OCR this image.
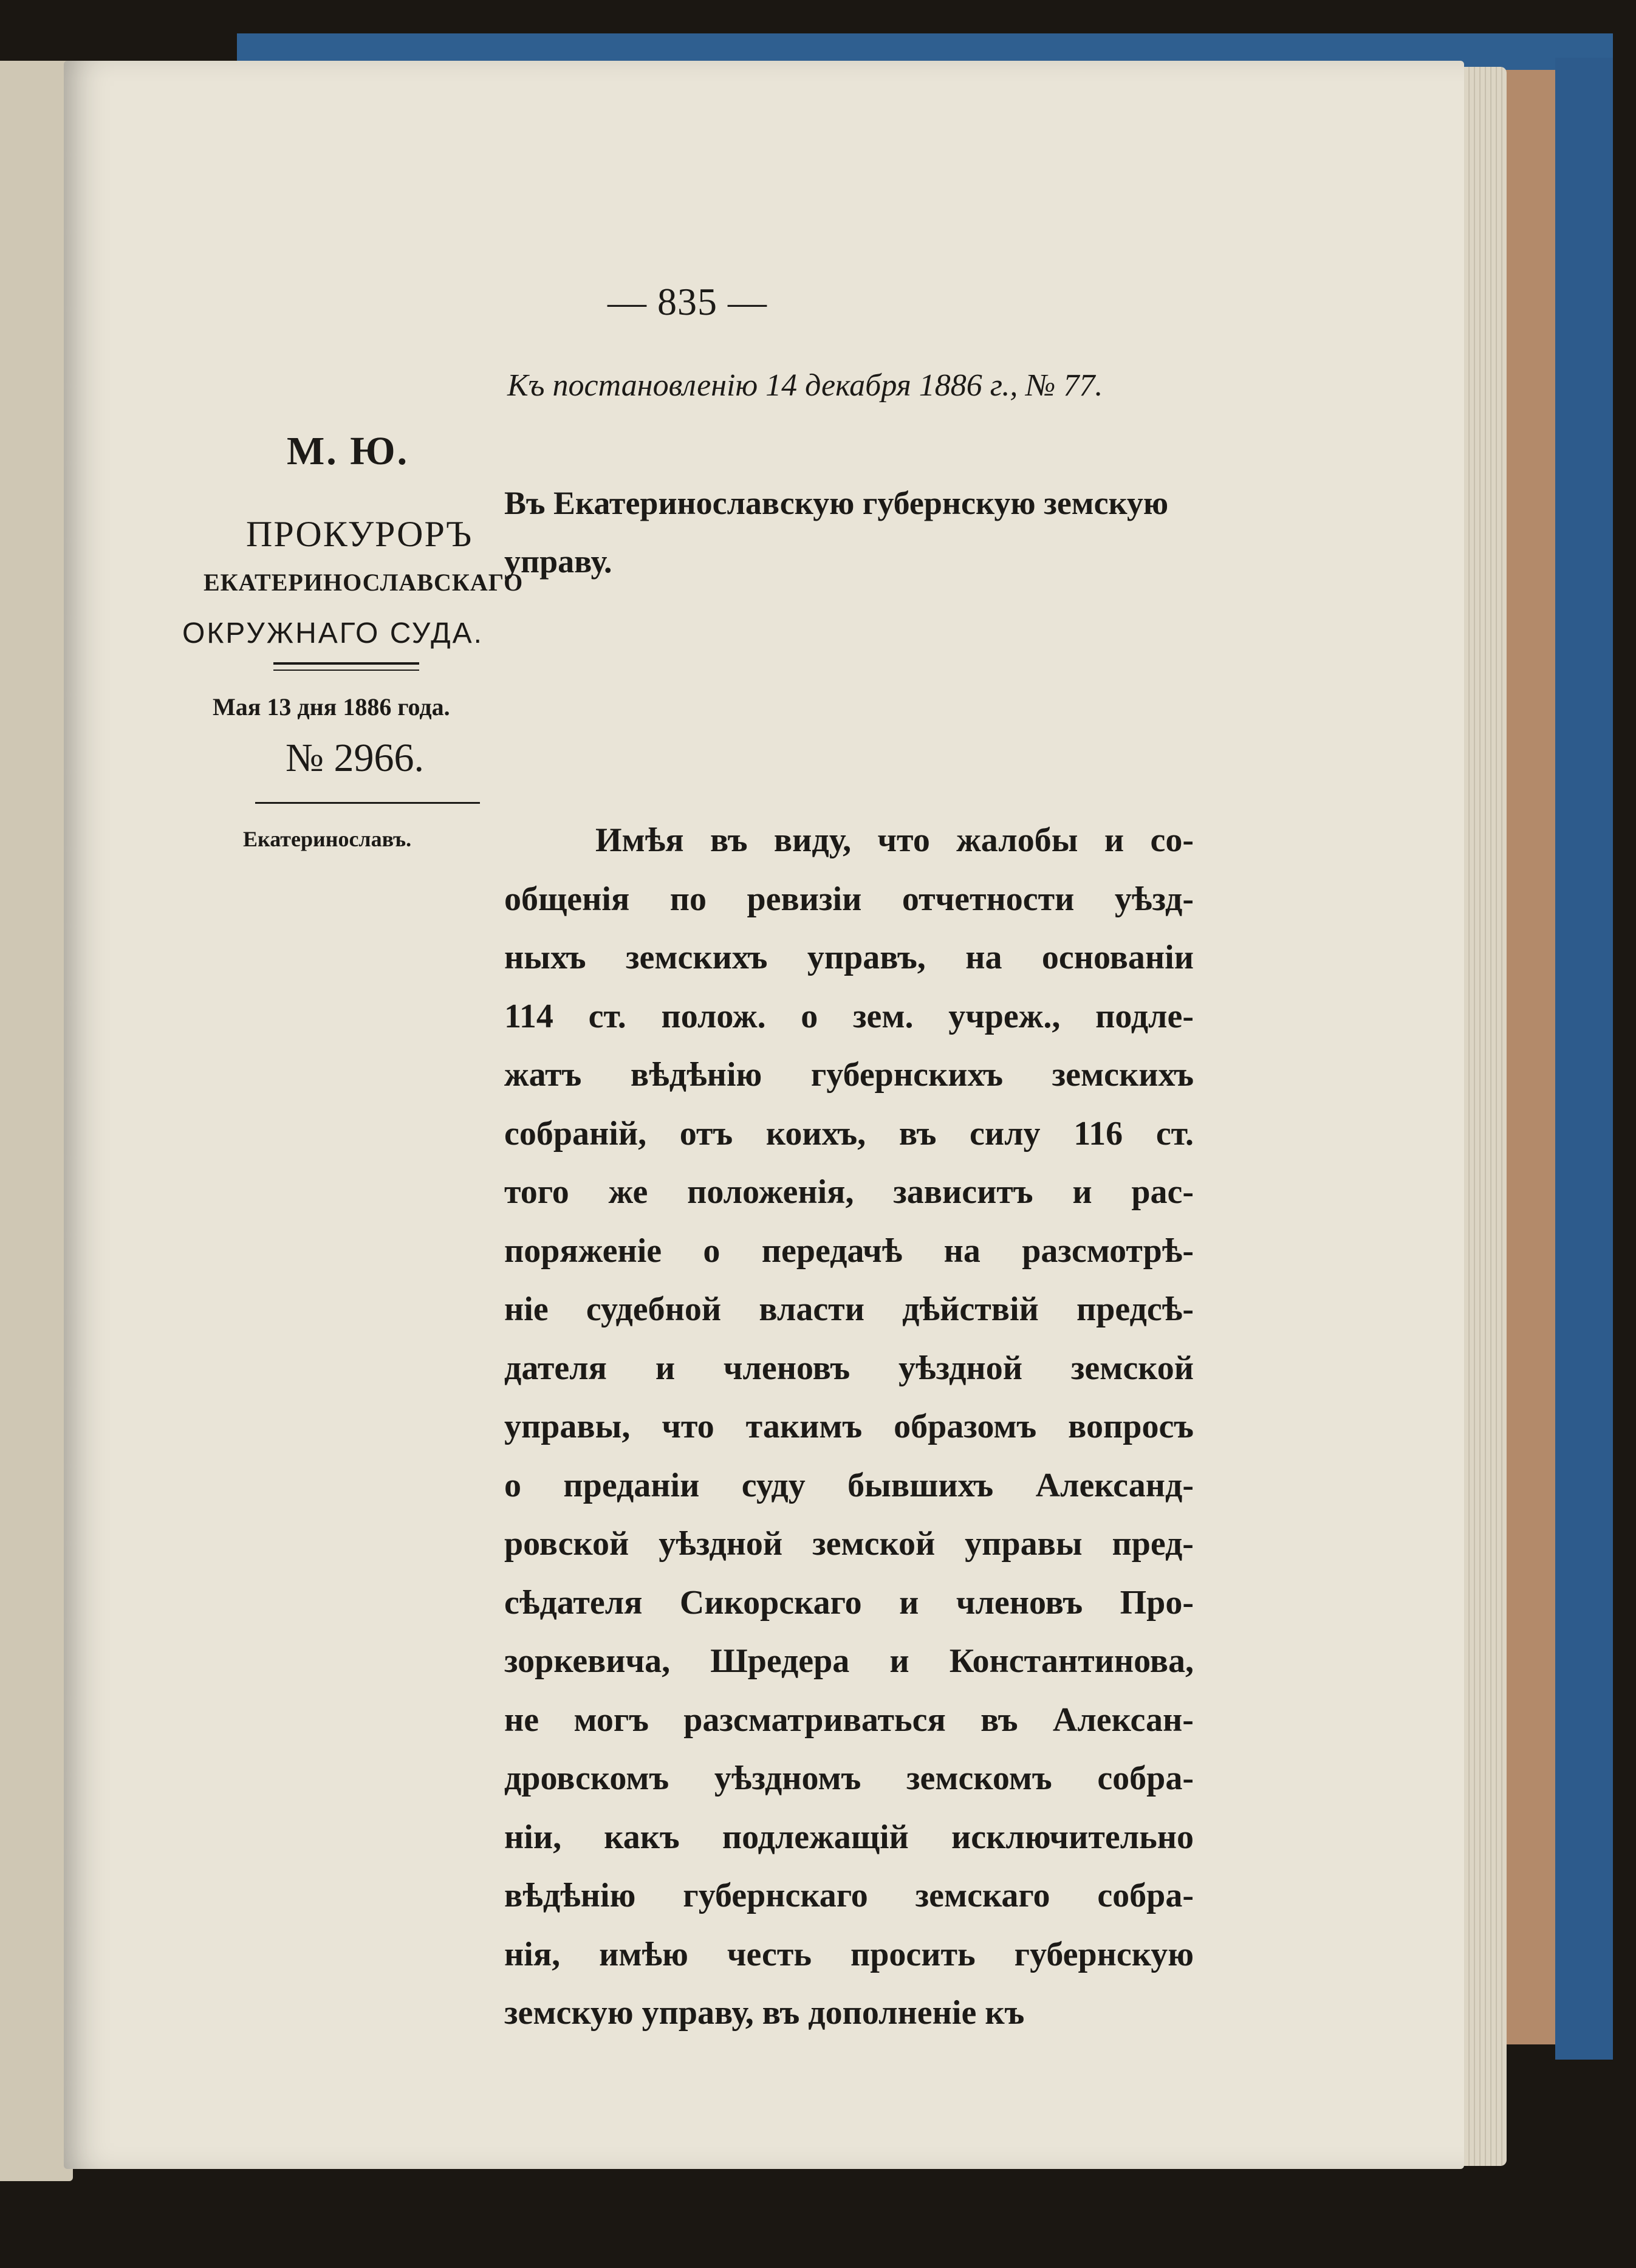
— 835 —
Къ постановленію 14 декабря 1886 г., № 77.
М. Ю.
ПРОКУРОРЪ
ЕКАТЕРИНОСЛАВСКАГО
ОКРУЖНАГО СУДА.
Мая 13 дня 1886 года.
№ 2966.
Екатеринославъ.
Въ Екатеринославскую губернскую земскую управу.
Имѣя въ виду, что жалобы и со-
общенія по ревизіи отчетности уѣзд-
ныхъ земскихъ управъ, на основаніи
114 ст. полож. о зем. учреж., подле-
жатъ вѣдѣнію губернскихъ земскихъ
собраній, отъ коихъ, въ силу 116 ст.
того же положенія, зависитъ и рас-
поряженіе о передачѣ на разсмотрѣ-
ніе судебной власти дѣйствій предсѣ-
дателя и членовъ уѣздной земской
управы, что такимъ образомъ вопросъ
о преданіи суду бывшихъ Александ-
ровской уѣздной земской управы пред-
сѣдателя Сикорскаго и членовъ Про-
зоркевича, Шредера и Константинова,
не могъ разсматриваться въ Алексан-
дровскомъ уѣздномъ земскомъ собра-
ніи, какъ подлежащій исключительно
вѣдѣнію губернскаго земскаго собра-
нія, имѣю честь просить губернскую
земскую управу, въ дополненіе къ
